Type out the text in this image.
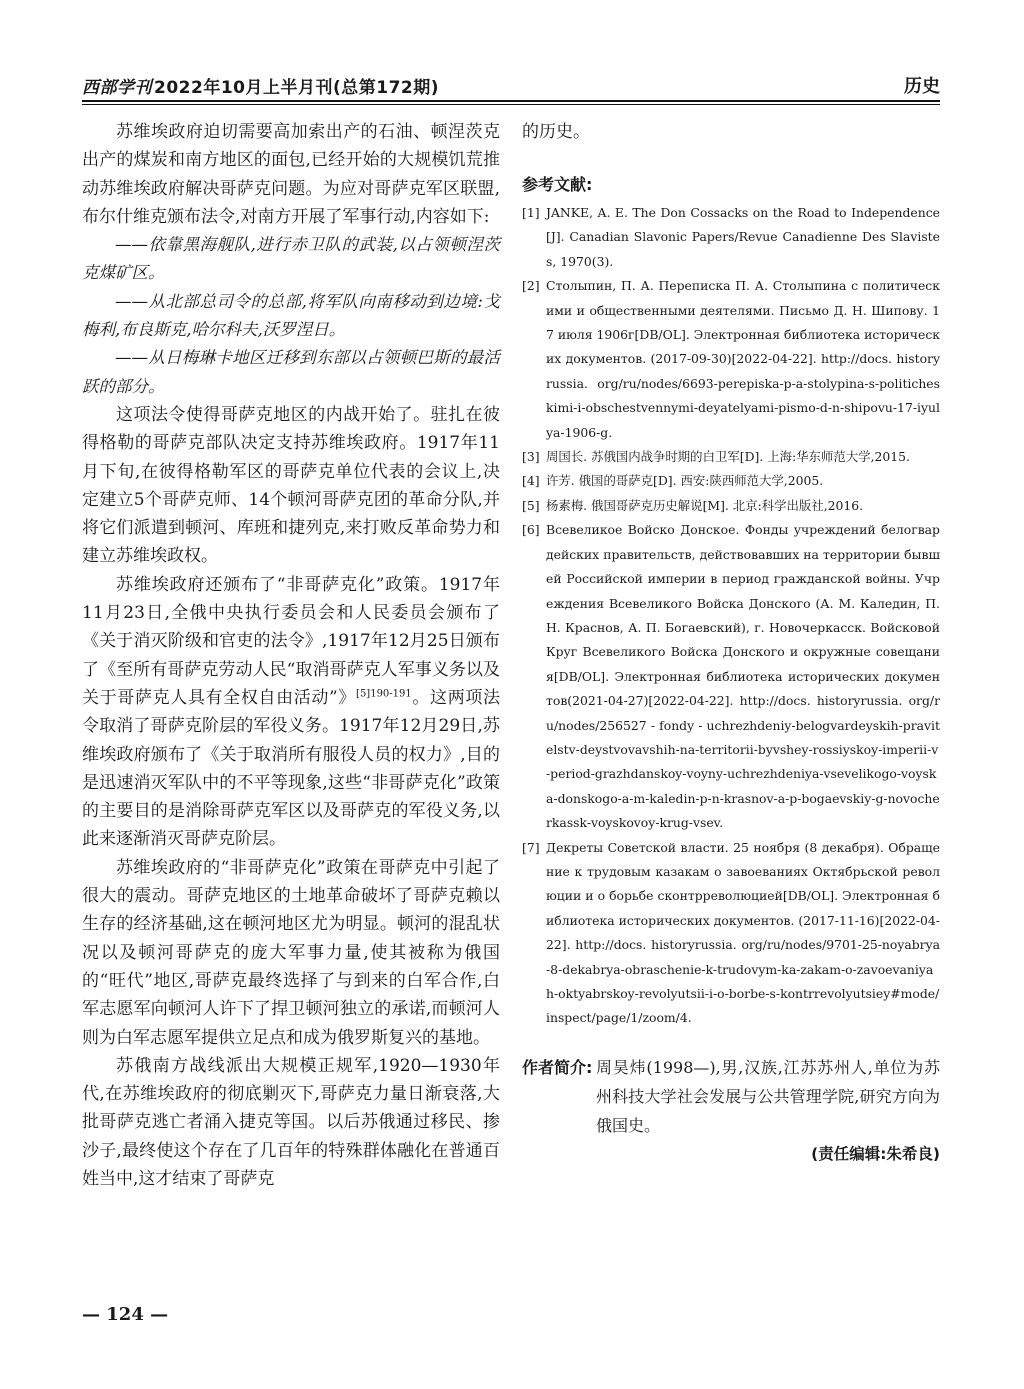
西部学刊 2022年10月上半月刊(总第172期)	历史

苏维埃政府迫切需要高加索出产的石油、顿涅茨克出产的煤炭和南方地区的面包,已经开始的大规模饥荒推动苏维埃政府解决哥萨克问题。为应对哥萨克军区联盟,布尔什维克颁布法令,对南方开展了军事行动,内容如下:

——依靠黑海舰队,进行赤卫队的武装,以占领顿涅茨克煤矿区。

——从北部总司令的总部,将军队向南移动到边境:戈梅利,布良斯克,哈尔科夫,沃罗涅日。

——从日梅琳卡地区迁移到东部以占领顿巴斯的最活跃的部分。

这项法令使得哥萨克地区的内战开始了。驻扎在彼得格勒的哥萨克部队决定支持苏维埃政府。1917年11月下旬,在彼得格勒军区的哥萨克单位代表的会议上,决定建立5个哥萨克师、14个顿河哥萨克团的革命分队,并将它们派遣到顿河、库班和捷列克,来打败反革命势力和建立苏维埃政权。

苏维埃政府还颁布了“非哥萨克化”政策。1917年11月23日,全俄中央执行委员会和人民委员会颁布了《关于消灭阶级和官吏的法令》,1917年12月25日颁布了《至所有哥萨克劳动人民“取消哥萨克人军事义务以及关于哥萨克人具有全权自由活动”》$^{[5]190-191}$。这两项法令取消了哥萨克阶层的军役义务。1917年12月29日,苏维埃政府颁布了《关于取消所有服役人员的权力》,目的是迅速消灭军队中的不平等现象,这些“非哥萨克化”政策的主要目的是消除哥萨克军区以及哥萨克的军役义务,以此来逐渐消灭哥萨克阶层。

苏维埃政府的“非哥萨克化”政策在哥萨克中引起了很大的震动。哥萨克地区的土地革命破坏了哥萨克赖以生存的经济基础,这在顿河地区尤为明显。顿河的混乱状况以及顿河哥萨克的庞大军事力量,使其被称为俄国的“旺代”地区,哥萨克最终选择了与到来的白军合作,白军志愿军向顿河人许下了捍卫顿河独立的承诺,而顿河人则为白军志愿军提供立足点和成为俄罗斯复兴的基地。

苏俄南方战线派出大规模正规军,1920—1930年代,在苏维埃政府的彻底剿灭下,哥萨克力量日渐衰落,大批哥萨克逃亡者涌入捷克等国。以后苏俄通过移民、掺沙子,最终使这个存在了几百年的特殊群体融化在普通百姓当中,这才结束了哥萨克

的历史。

参考文献:
[1] JANKE, A. E. The Don Cossacks on the Road to Independence [J]. Canadian Slavonic Papers/Revue Canadienne Des Slavistes, 1970(3).
[2] Столыпин, П. А. Переписка П. А. Столыпина с политическими и общественными деятелями. Письмо Д. Н. Шипову. 17 июля 1906г[DB/OL]. Электронная библиотека исторических документов. (2017-09-30)[2022-04-22]. http://docs. historyrussia. org/ru/nodes/6693-perepiska-p-a-stolypina-s-politicheskimi-i-obschestvennymi-deyatelyami-pismo-d-n-shipovu-17-iyulya-1906-g.
[3] 周国长. 苏俄国内战争时期的白卫军[D]. 上海:华东师范大学,2015.
[4] 许芳. 俄国的哥萨克[D]. 西安:陕西师范大学,2005.
[5] 杨素梅. 俄国哥萨克历史解说[M]. 北京:科学出版社,2016.
[6] Всевеликое Войско Донское. Фонды учреждений белогвардейских правительств, действовавших на территории бывшей Российской империи в период гражданской войны. Учреждения Всевеликого Войска Донского (А. М. Каледин, П. Н. Краснов, А. П. Богаевский), г. Новочеркасск. Войсковой Круг Всевеликого Войска Донского и окружные совещания[DB/OL]. Электронная библиотека исторических документов(2021-04-27)[2022-04-22]. http://docs. historyrussia. org/ru/nodes/256527 - fondy - uchrezhdeniy-belogvardeyskih-pravitelstv-deystvovavshih-na-territorii-byvshey-rossiyskoy-imperii-v-period-grazhdanskoy-voyny-uchrezhdeniya-vsevelikogo-voyska-donskogo-a-m-kaledin-p-n-krasnov-a-p-bogaevskiy-g-novocherkassk-voyskovoy-krug-vsev.
[7] Декреты Советской власти. 25 ноября (8 декабря). Обращение к трудовым казакам о завоеваниях Октябрьской революции и о борьбе сконтрреволюцией[DB/OL]. Электронная библиотека исторических документов. (2017-11-16)[2022-04-22]. http://docs. historyrussia. org/ru/nodes/9701-25-noyabrya-8-dekabrya-obraschenie-k-trudovym-ka-zakam-o-zavoevaniyah-oktyabrskoy-revolyutsii-i-o-borbe-s-kontrrevolyutsiey#mode/inspect/page/1/zoom/4.
作者简介: 周昊炜(1998—),男,汉族,江苏苏州人,单位为苏州科技大学社会发展与公共管理学院,研究方向为俄国史。
(责任编辑:朱希良)
— 124 —
